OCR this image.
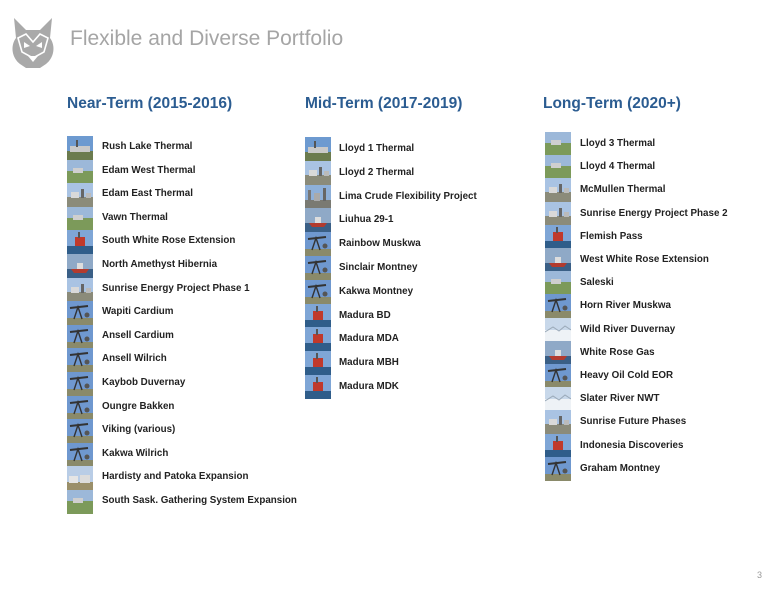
Flexible and Diverse Portfolio
Near-Term (2015-2016)	Mid-Term (2017-2019)	Long-Term (2020+)
Rush Lake Thermal
Edam West Thermal
Edam East Thermal
Vawn Thermal
South White Rose Extension
North Amethyst Hibernia
Sunrise Energy Project Phase 1
Wapiti Cardium
Ansell Cardium
Ansell Wilrich
Kaybob Duvernay
Oungre Bakken
Viking (various)
Kakwa Wilrich
Hardisty and Patoka Expansion
South Sask. Gathering System Expansion
Lloyd 1 Thermal
Lloyd 2 Thermal
Lima Crude Flexibility Project
Liuhua 29-1
Rainbow Muskwa
Sinclair Montney
Kakwa Montney
Madura BD
Madura MDA
Madura MBH
Madura MDK
Lloyd 3 Thermal
Lloyd 4 Thermal
McMullen Thermal
Sunrise Energy Project Phase 2
Flemish Pass
West White Rose Extension
Saleski
Horn River Muskwa
Wild River Duvernay
White Rose Gas
Heavy Oil Cold EOR
Slater River NWT
Sunrise Future Phases
Indonesia Discoveries
Graham Montney
3
